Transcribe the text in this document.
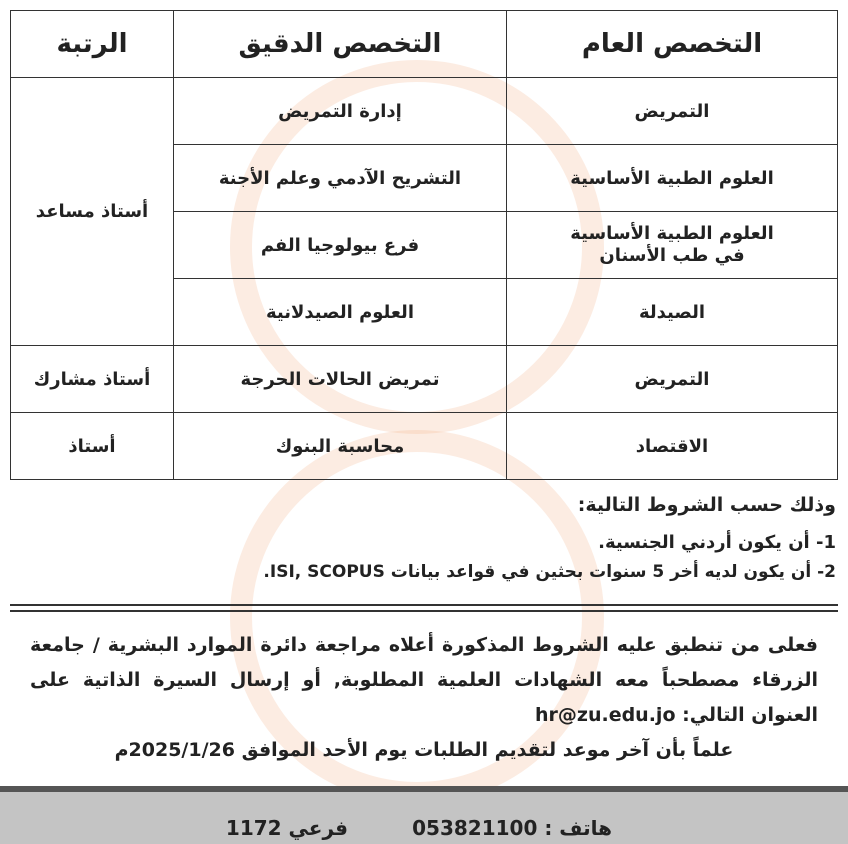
التخصص العام	التخصص الدقيق	الرتبة
التمريض	إدارة التمريض	أستاذ مساعد
العلوم الطبية الأساسية	التشريح الآدمي وعلم الأجنة	
العلوم الطبية الأساسية في طب الأسنان	فرع بيولوجيا الفم	
الصيدلة	العلوم الصيدلانية	
التمريض	تمريض الحالات الحرجة	أستاذ مشارك
الاقتصاد	محاسبة البنوك	أستاذ
وذلك حسب الشروط التالية:
1- أن يكون أردني الجنسية.
2- أن يكون لديه أخر 5 سنوات بحثين في قواعد بيانات ISI, SCOPUS.
فعلى من تنطبق عليه الشروط المذكورة أعلاه مراجعة دائرة الموارد البشرية / جامعة الزرقاء مصطحباً معه الشهادات العلمية المطلوبة, أو إرسال السيرة الذاتية على العنوان التالي: hr@zu.edu.jo
علماً بأن آخر موعد لتقديم الطلبات يوم الأحد الموافق 2025/1/26م
هاتف : 053821100
فرعي 1172
